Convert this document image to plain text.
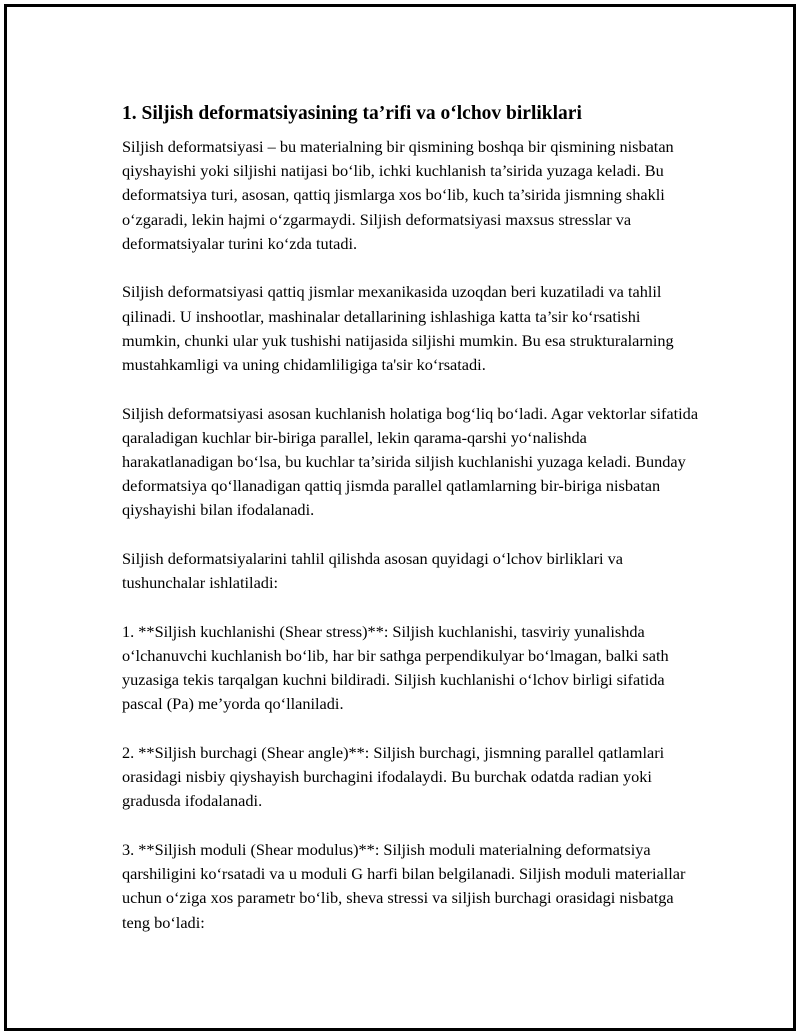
1. Siljish deformatsiyasining ta’rifi va o‘lchov birliklari

Siljish deformatsiyasi – bu materialning bir qismining boshqa bir qismining nisbatan qiyshayishi yoki siljishi natijasi bo‘lib, ichki kuchlanish ta’sirida yuzaga keladi. Bu deformatsiya turi, asosan, qattiq jismlarga xos bo‘lib, kuch ta’sirida jismning shakli o‘zgaradi, lekin hajmi o‘zgarmaydi. Siljish deformatsiyasi maxsus stresslar va deformatsiyalar turini ko‘zda tutadi.

Siljish deformatsiyasi qattiq jismlar mexanikasida uzoqdan beri kuzatiladi va tahlil qilinadi. U inshootlar, mashinalar detallarining ishlashiga katta ta’sir ko‘rsatishi mumkin, chunki ular yuk tushishi natijasida siljishi mumkin. Bu esa strukturalarning mustahkamligi va uning chidamliligiga ta'sir ko‘rsatadi.

Siljish deformatsiyasi asosan kuchlanish holatiga bog‘liq bo‘ladi. Agar vektorlar sifatida qaraladigan kuchlar bir-biriga parallel, lekin qarama-qarshi yo‘nalishda harakatlanadigan bo‘lsa, bu kuchlar ta’sirida siljish kuchlanishi yuzaga keladi. Bunday deformatsiya qo‘llanadigan qattiq jismda parallel qatlamlarning bir-biriga nisbatan qiyshayishi bilan ifodalanadi.

Siljish deformatsiyalarini tahlil qilishda asosan quyidagi o‘lchov birliklari va tushunchalar ishlatiladi:

1. **Siljish kuchlanishi (Shear stress)**: Siljish kuchlanishi, tasviriy yunalishda o‘lchanuvchi kuchlanish bo‘lib, har bir sathga perpendikulyar bo‘lmagan, balki sath yuzasiga tekis tarqalgan kuchni bildiradi. Siljish kuchlanishi o‘lchov birligi sifatida pascal (Pa) me’yorda qo‘llaniladi.

2. **Siljish burchagi (Shear angle)**: Siljish burchagi, jismning parallel qatlamlari orasidagi nisbiy qiyshayish burchagini ifodalaydi. Bu burchak odatda radian yoki gradusda ifodalanadi.

3. **Siljish moduli (Shear modulus)**: Siljish moduli materialning deformatsiya qarshiligini ko‘rsatadi va u moduli G harfi bilan belgilanadi. Siljish moduli materiallar uchun o‘ziga xos parametr bo‘lib, sheva stressi va siljish burchagi orasidagi nisbatga teng bo‘ladi:
